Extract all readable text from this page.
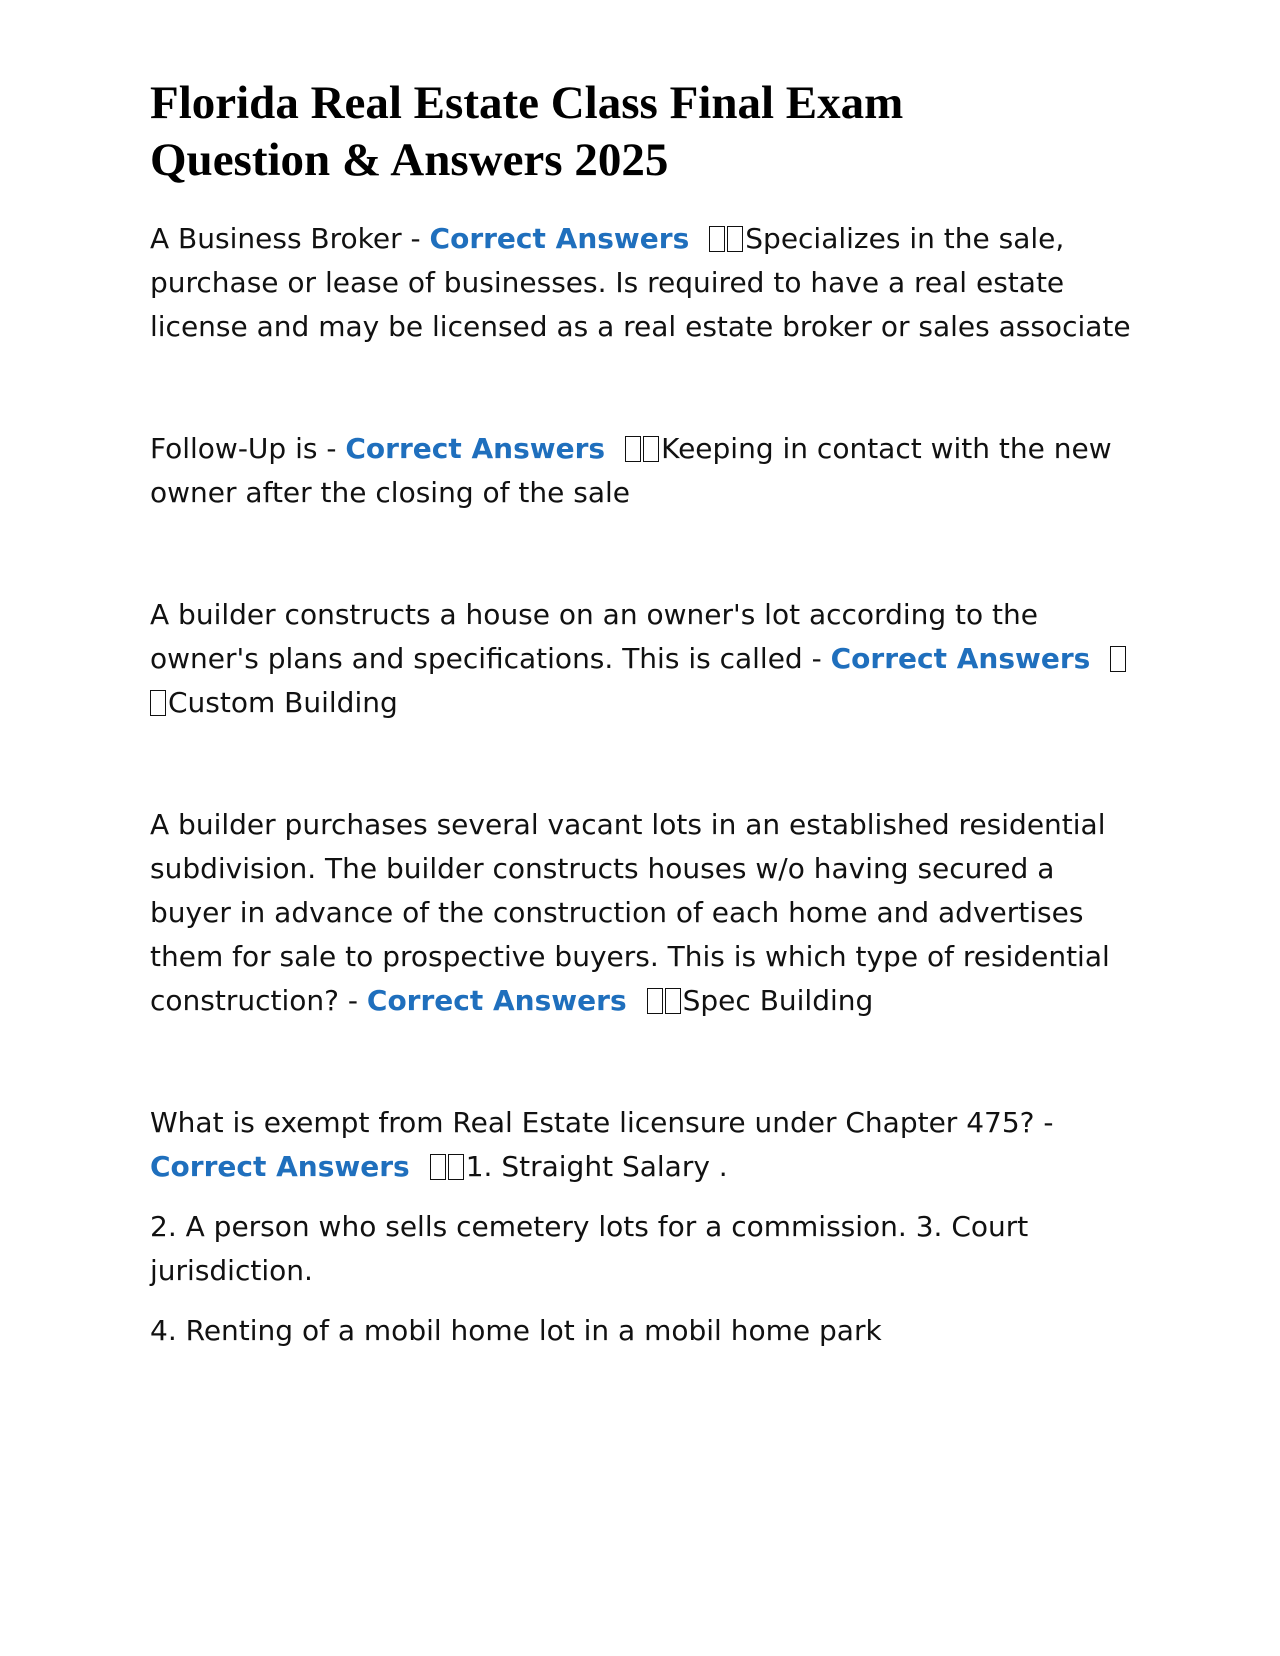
Florida Real Estate Class Final Exam
Question & Answers 2025

A Business Broker - Correct Answers Specializes in the sale, purchase or lease of businesses. Is required to have a real estate license and may be licensed as a real estate broker or sales associate

Follow-Up is - Correct Answers Keeping in contact with the new owner after the closing of the sale

A builder constructs a house on an owner's lot according to the owner's plans and specifications. This is called - Correct AnswersCustom Building

A builder purchases several vacant lots in an established residential subdivision. The builder constructs houses w/o having secured a buyer in advance of the construction of each home and advertises them for sale to prospective buyers. This is which type of residential construction? - Correct Answers Spec Building

What is exempt from Real Estate licensure under Chapter 475? - Correct Answers 1. Straight Salary .

2. A person who sells cemetery lots for a commission. 3. Court jurisdiction.

4. Renting of a mobil home lot in a mobil home park
